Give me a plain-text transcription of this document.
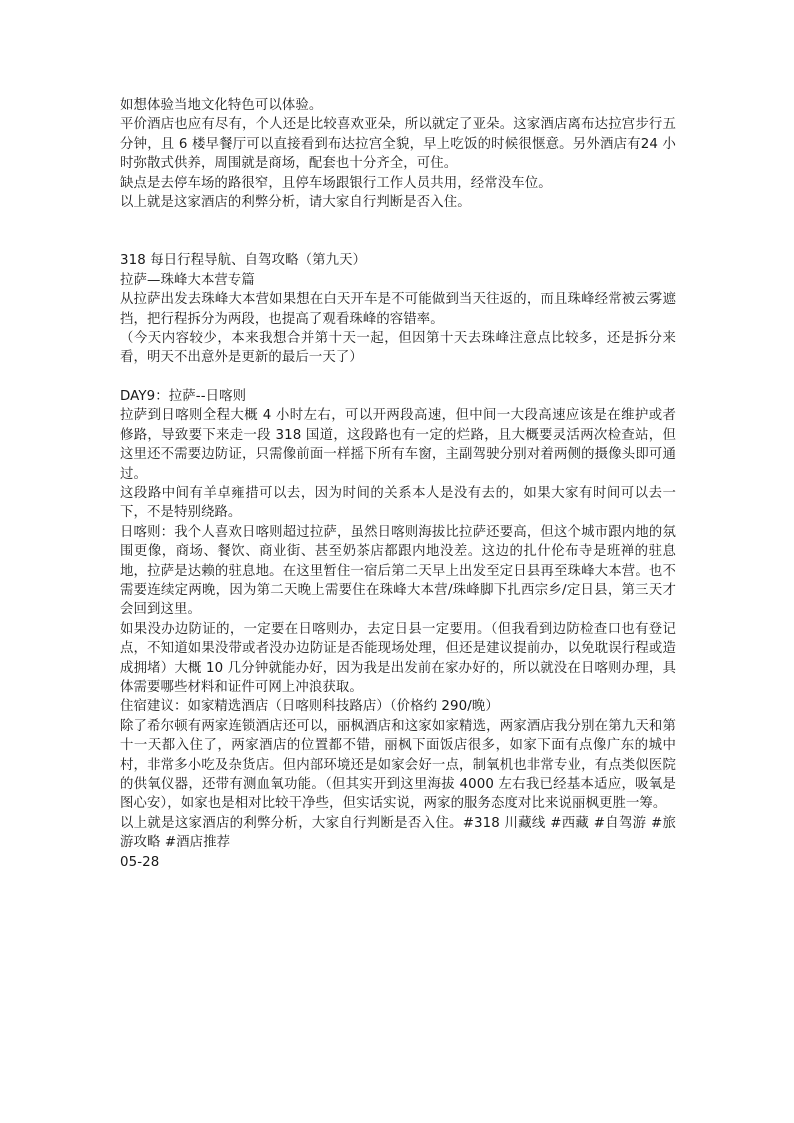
如想体验当地文化特色可以体验。

平价酒店也应有尽有，个人还是比较喜欢亚朵，所以就定了亚朵。这家酒店离布达拉宫步行五分钟，且 6 楼早餐厅可以直接看到布达拉宫全貌，早上吃饭的时候很惬意。另外酒店有24 小时弥散式供养，周围就是商场，配套也十分齐全，可住。

缺点是去停车场的路很窄，且停车场跟银行工作人员共用，经常没车位。

以上就是这家酒店的利弊分析，请大家自行判断是否入住。

318 每日行程导航、自驾攻略（第九天）

拉萨—珠峰大本营专篇

从拉萨出发去珠峰大本营如果想在白天开车是不可能做到当天往返的，而且珠峰经常被云雾遮挡，把行程拆分为两段，也提高了观看珠峰的容错率。

（今天内容较少，本来我想合并第十天一起，但因第十天去珠峰注意点比较多，还是拆分来看，明天不出意外是更新的最后一天了）

DAY9：拉萨--日喀则

拉萨到日喀则全程大概 4 小时左右，可以开两段高速，但中间一大段高速应该是在维护或者修路，导致要下来走一段 318 国道，这段路也有一定的烂路，且大概要灵活两次检查站，但这里还不需要边防证，只需像前面一样摇下所有车窗，主副驾驶分别对着两侧的摄像头即可通过。

这段路中间有羊卓雍措可以去，因为时间的关系本人是没有去的，如果大家有时间可以去一下，不是特别绕路。

日喀则：我个人喜欢日喀则超过拉萨，虽然日喀则海拔比拉萨还要高，但这个城市跟内地的氛围更像，商场、餐饮、商业街、甚至奶茶店都跟内地没差。这边的扎什伦布寺是班禅的驻息地，拉萨是达赖的驻息地。在这里暂住一宿后第二天早上出发至定日县再至珠峰大本营。也不需要连续定两晚，因为第二天晚上需要住在珠峰大本营/珠峰脚下扎西宗乡/定日县，第三天才会回到这里。

如果没办边防证的，一定要在日喀则办，去定日县一定要用。（但我看到边防检查口也有登记点，不知道如果没带或者没办边防证是否能现场处理，但还是建议提前办，以免耽误行程或造成拥堵）大概 10 几分钟就能办好，因为我是出发前在家办好的，所以就没在日喀则办理，具体需要哪些材料和证件可网上冲浪获取。

住宿建议：如家精选酒店（日喀则科技路店）（价格约 290/晚）

除了希尔顿有两家连锁酒店还可以，丽枫酒店和这家如家精选，两家酒店我分别在第九天和第十一天都入住了，两家酒店的位置都不错，丽枫下面饭店很多，如家下面有点像广东的城中村，非常多小吃及杂货店。但内部环境还是如家会好一点，制氧机也非常专业，有点类似医院的供氧仪器，还带有测血氧功能。（但其实开到这里海拔 4000 左右我已经基本适应，吸氧是图心安），如家也是相对比较干净些，但实话实说，两家的服务态度对比来说丽枫更胜一筹。

以上就是这家酒店的利弊分析，大家自行判断是否入住。#318 川藏线 #西藏 #自驾游 #旅游攻略 #酒店推荐

05-28
